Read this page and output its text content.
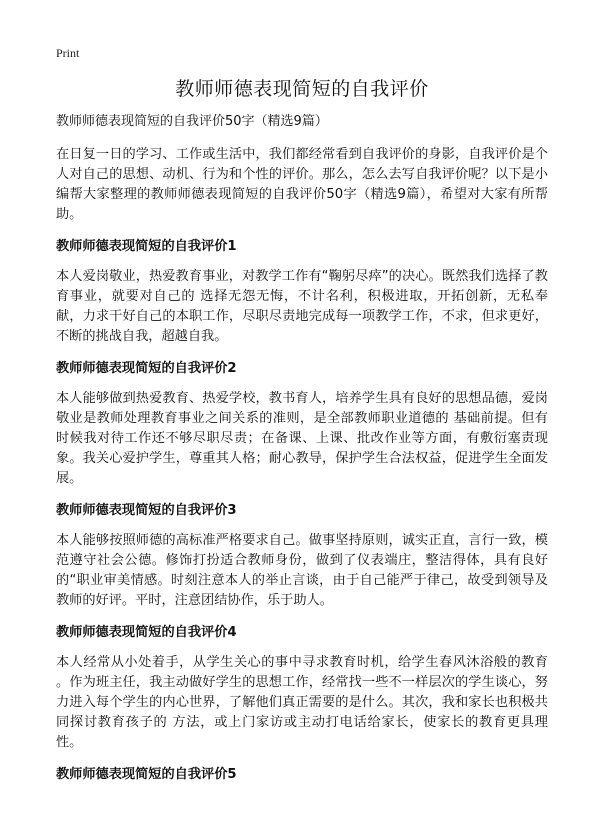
Print
教师师德表现简短的自我评价

教师师德表现简短的自我评价50字（精选9篇）

在日复一日的学习、工作或生活中，我们都经常看到自我评价的身影，自我评价是个人对自己的思想、动机、行为和个性的评价。那么，怎么去写自我评价呢？以下是小编帮大家整理的教师师德表现简短的自我评价50字（精选9篇），希望对大家有所帮助。

教师师德表现简短的自我评价1

本人爱岗敬业，热爱教育事业，对教学工作有“鞠躬尽瘁”的决心。既然我们选择了教育事业，就要对自己的 选择无怨无悔，不计名利，积极进取，开拓创新，无私奉献，力求干好自己的本职工作，尽职尽责地完成每一项教学工作，不求，但求更好，不断的挑战自我，超越自我。

教师师德表现简短的自我评价2

本人能够做到热爱教育、热爱学校，教书育人，培养学生具有良好的思想品德，爱岗敬业是教师处理教育事业之间关系的准则，是全部教师职业道德的 基础前提。但有时候我对待工作还不够尽职尽责；在备课、上课、批改作业等方面，有敷衍塞责现象。我关心爱护学生，尊重其人格；耐心教导，保护学生合法权益，促进学生全面发展。

教师师德表现简短的自我评价3

本人能够按照师德的高标准严格要求自己。做事坚持原则，诚实正直，言行一致，模范遵守社会公德。修饰打扮适合教师身份，做到了仪表端庄，整洁得体，具有良好的“职业审美情感。时刻注意本人的举止言谈，由于自己能严于律己，故受到领导及教师的好评。平时，注意团结协作，乐于助人。

教师师德表现简短的自我评价4

本人经常从小处着手，从学生关心的事中寻求教育时机，给学生春风沐浴般的教育 。作为班主任，我主动做好学生的思想工作，经常找一些不一样层次的学生谈心，努力进入每个学生的内心世界，了解他们真正需要的是什么。其次，我和家长也积极共同探讨教育孩子的 方法，或上门家访或主动打电话给家长，使家长的教育更具理性。

教师师德表现简短的自我评价5
